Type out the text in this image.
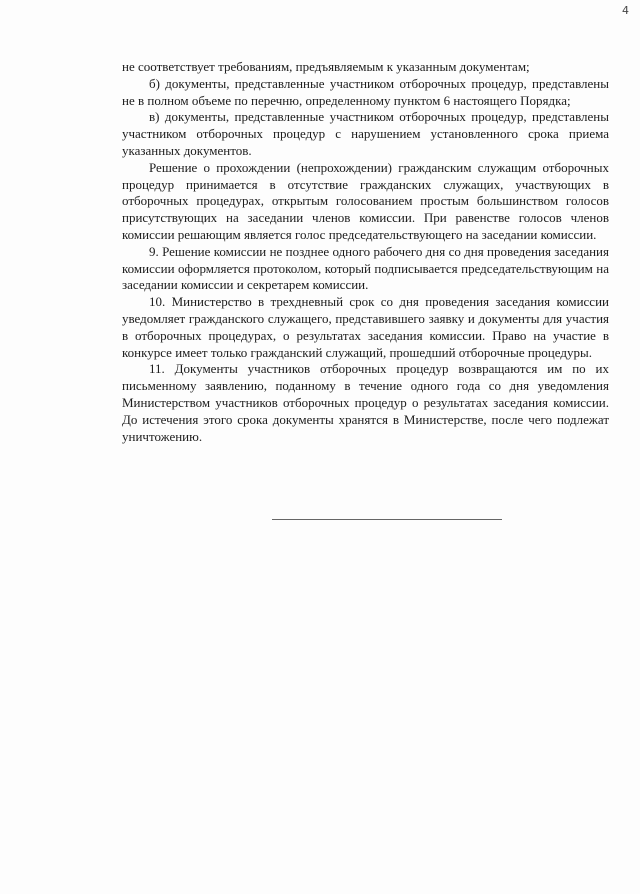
4

не соответствует требованиям, предъявляемым к указанным документам;

б) документы, представленные участником отборочных процедур, представлены не в полном объеме по перечню, определенному пунктом 6 настоящего Порядка;

в) документы, представленные участником отборочных процедур, представлены участником отборочных процедур с нарушением установленного срока приема указанных документов.

Решение о прохождении (непрохождении) гражданским служащим отборочных процедур принимается в отсутствие гражданских служащих, участвующих в отборочных процедурах, открытым голосованием простым большинством голосов присутствующих на заседании членов комиссии. При равенстве голосов членов комиссии решающим является голос председательствующего на заседании комиссии.

9. Решение комиссии не позднее одного рабочего дня со дня проведения заседания комиссии оформляется протоколом, который подписывается председательствующим на заседании комиссии и секретарем комиссии.

10. Министерство в трехдневный срок со дня проведения заседания комиссии уведомляет гражданского служащего, представившего заявку и документы для участия в отборочных процедурах, о результатах заседания комиссии. Право на участие в конкурсе имеет только гражданский служащий, прошедший отборочные процедуры.

11. Документы участников отборочных процедур возвращаются им по их письменному заявлению, поданному в течение одного года со дня уведомления Министерством участников отборочных процедур о результатах заседания комиссии. До истечения этого срока документы хранятся в Министерстве, после чего подлежат уничтожению.
